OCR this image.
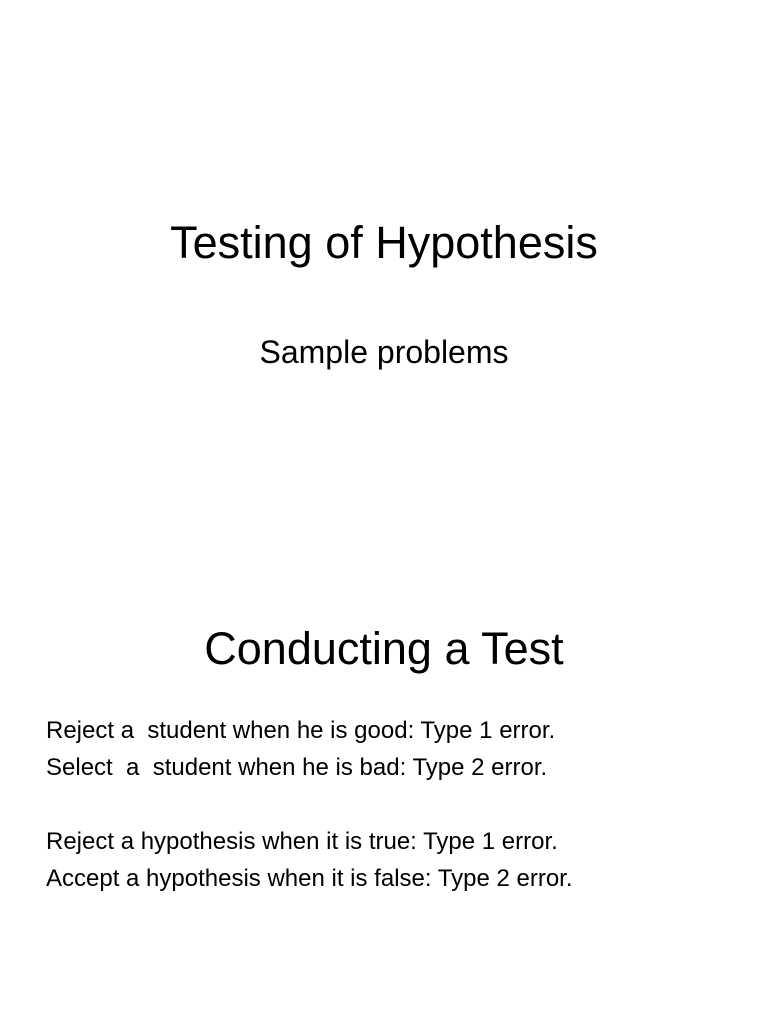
Testing of Hypothesis
Sample problems
Conducting a Test
Reject a  student when he is good: Type 1 error.
Select  a  student when he is bad: Type 2 error.
Reject a hypothesis when it is true: Type 1 error.
Accept a hypothesis when it is false: Type 2 error.
